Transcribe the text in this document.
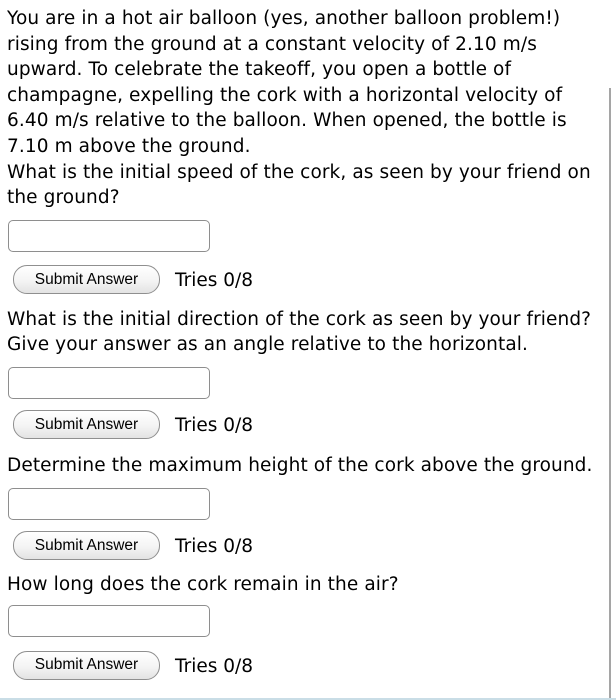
You are in a hot air balloon (yes, another balloon problem!) rising from the ground at a constant velocity of 2.10 m/s upward. To celebrate the takeoff, you open a bottle of champagne, expelling the cork with a horizontal velocity of 6.40 m/s relative to the balloon. When opened, the bottle is 7.10 m above the ground.

What is the initial speed of the cork, as seen by your friend on the ground?

Submit Answer	Tries 0/8

What is the initial direction of the cork as seen by your friend? Give your answer as an angle relative to the horizontal.

Submit Answer	Tries 0/8

Determine the maximum height of the cork above the ground.

Submit Answer	Tries 0/8

How long does the cork remain in the air?

Submit Answer	Tries 0/8
